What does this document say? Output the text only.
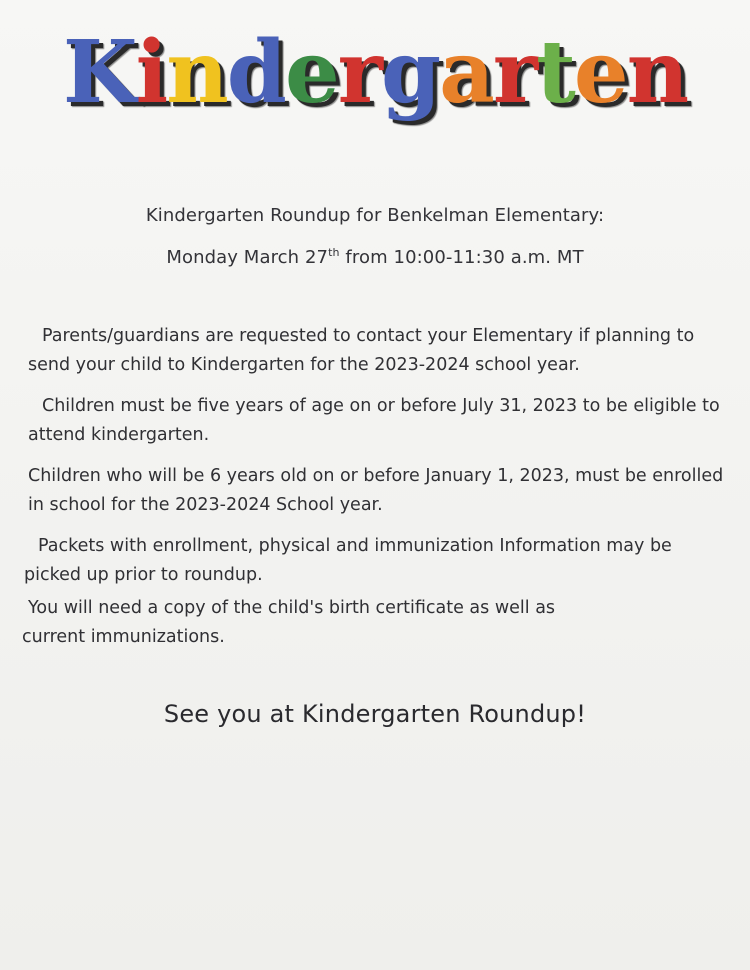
Kindergarten
Kindergarten Roundup for Benkelman Elementary:
Monday March 27th from 10:00-11:30 a.m. MT
Parents/guardians are requested to contact your Elementary if planning to send your child to Kindergarten for the 2023-2024 school year.
Children must be five years of age on or before July 31, 2023 to be eligible to attend kindergarten.
Children who will be 6 years old on or before January 1, 2023, must be enrolled in school for the 2023-2024 School year.
Packets with enrollment, physical and immunization Information may be picked up prior to roundup.
You will need a copy of the child's birth certificate as well as current immunizations.
See you at Kindergarten Roundup!
